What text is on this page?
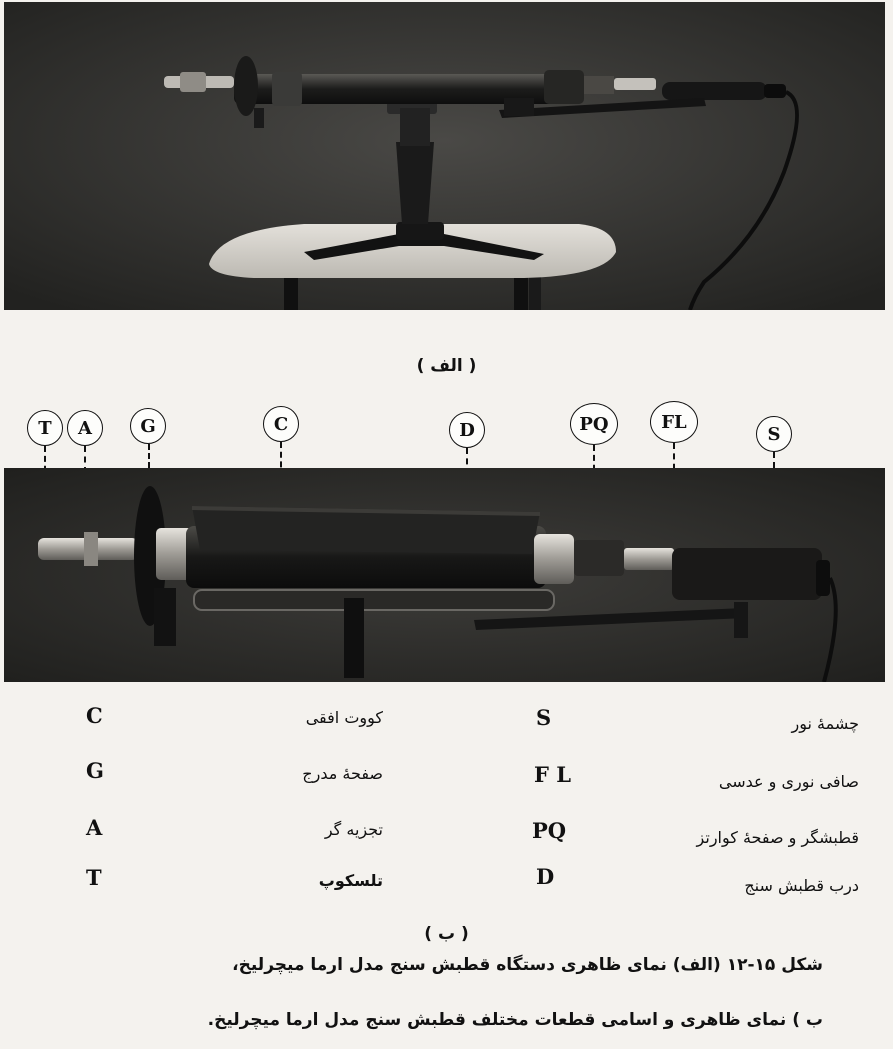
( الف )
T	A	G	C	D	PQ	FL
S
C	کووت افقی
G	صفحهٔ مدرج
A	تجزیه گر
T	تلسکوپ
S	چشمهٔ نور
F L	صافی نوری و عدسی
PQ	قطبشگر و صفحهٔ کوارتز
D	درب قطبش سنج
( ب )
شکل ۱۵-۱۲ (الف) نمای ظاهری دستگاه قطبش سنج مدل ارما میچرلیخ،
ب ) نمای ظاهری و اسامی قطعات مختلف قطبش سنج مدل ارما میچرلیخ.
